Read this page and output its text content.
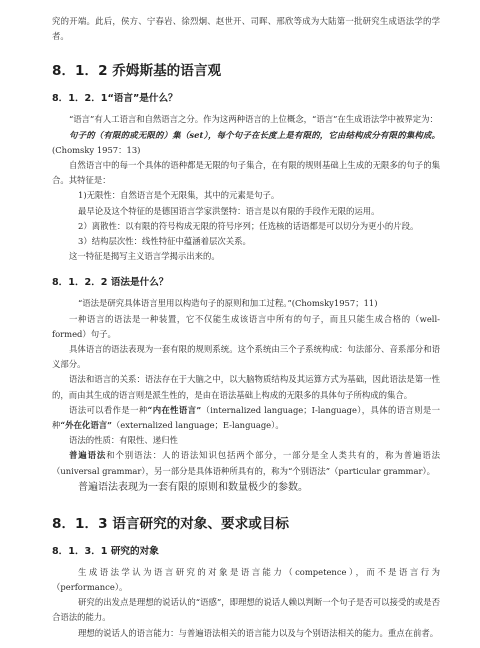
究的开端。此后，侯方、宁春岩、徐烈炯、赵世开、司晖、邢欣等成为大陆第一批研究生成语法学的学者。

8．1．2 乔姆斯基的语言观
8．1．2．1“语言”是什么？

“语言”有人工语言和自然语言之分。作为这两种语言的上位概念，“语言”在生成语法学中被界定为：

句子的（有限的或无限的）集（set），每个句子在长度上是有限的，它由结构成分有限的集构成。(Chomsky 1957：13)

自然语言中的每一个具体的语种都是无限的句子集合，在有限的规则基础上生成的无限多的句子的集合。其特征是：

1)无限性：自然语言是个无限集，其中的元素是句子。

最早论及这个特征的是德国语言学家洪堡特：语言是以有限的手段作无限的运用。

2）离散性：以有限的符号构成无限的符号序列；任选核的话语都是可以切分为更小的片段。

3）结构层次性：线性特征中蕴涵着层次关系。

这一特征是揭写主义语言学揭示出来的。

8．1．2．2 语法是什么？

“语法是研究具体语言里用以构造句子的原则和加工过程。”(Chomsky1957；11)

一种语言的语法是一种装置，它不仅能生成该语言中所有的句子，而且只能生成合格的（well-formed）句子。

具体语言的语法表现为一套有限的规则系统。这个系统由三个子系统构成：句法部分、音系部分和语义部分。

语法和语言的关系：语法存在于大脑之中，以大脑物质结构及其运算方式为基础，因此语法是第一性的，而由其生成的语言则是派生性的，是由在语法基础上构成的无限多的具体句子所构成的集合。

语法可以看作是一种“内在性语言”（internalized language；I-language），具体的语言则是一种“外在化语言”（externalized language；E-language）。

语法的性质：有限性、递归性

普遍语法和个别语法：人的语法知识包括两个部分，一部分是全人类共有的，称为普遍语法（universal grammar），另一部分是具体语种所具有的，称为“个别语法”（particular grammar）。

普遍语法表现为一套有限的原则和数量极少的参数。

8．1．3 语言研究的对象、要求或目标
8．1．3．1 研究的对象

生成语法学认为语言研究的对象是语言能力（competence），而不是语言行为（performance）。

研究的出发点是理想的说话认的“语感”，即理想的说话人赖以判断一个句子是否可以接受的或是否合语法的能力。

理想的说话人的语言能力：与普遍语法相关的语言能力以及与个别语法相关的能力。重点在前者。
